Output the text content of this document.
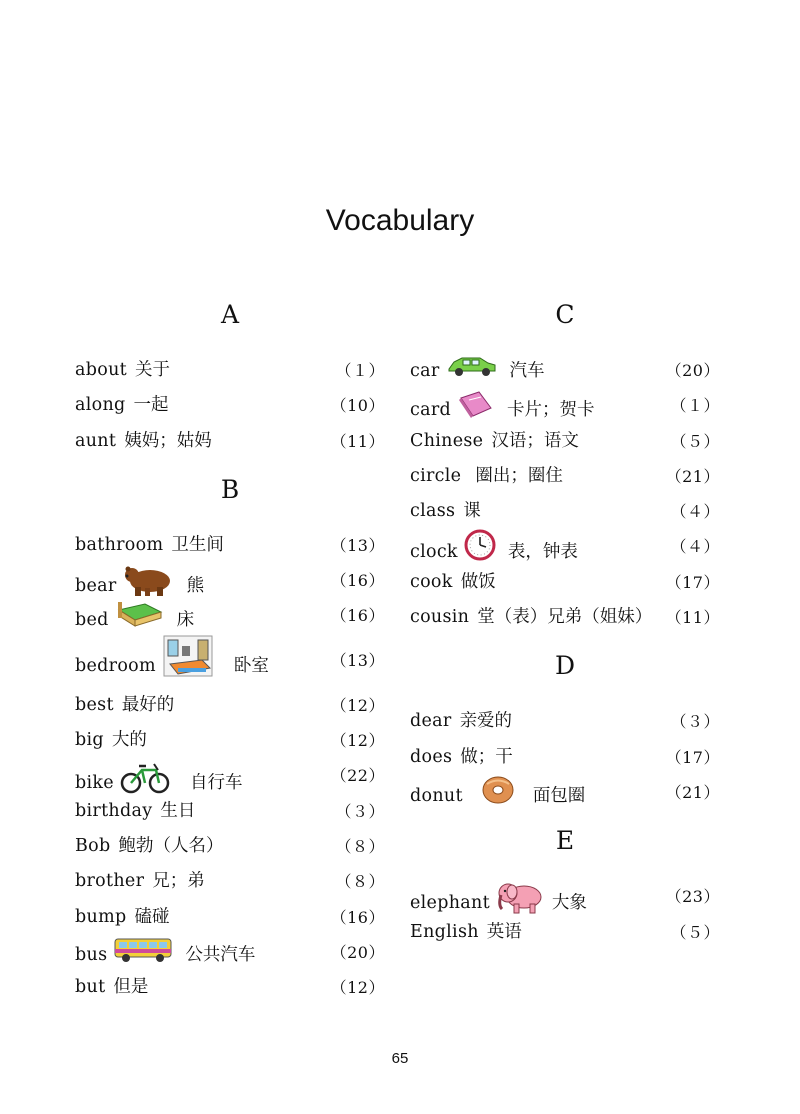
Vocabulary
A
about 关于	（１）
along 一起	（10）
aunt 姨妈；姑妈	（11）
B
bathroom 卫生间	（13）
bear	熊	（16）
bed	床	（16）
bedroom	卧室	（13）
best 最好的	（12）
big 大的	（12）
bike	自行车	（22）
birthday 生日	（３）
Bob 鲍勃（人名）	（８）
brother 兄；弟	（８）
bump 磕碰	（16）
bus	公共汽车	（20）
but 但是	（12）
C
car	汽车	（20）
card	卡片；贺卡	（１）
Chinese 汉语；语文	（５）
circle 圈出；圈住	（21）
class 课	（４）
clock	表，钟表	（４）
cook 做饭	（17）
cousin 堂（表）兄弟（姐妹） （11）
D
dear 亲爱的	（３）
does 做；干	（17）
donut	面包圈	（21）
E
elephant	大象	（23）
English 英语	（５）
65
